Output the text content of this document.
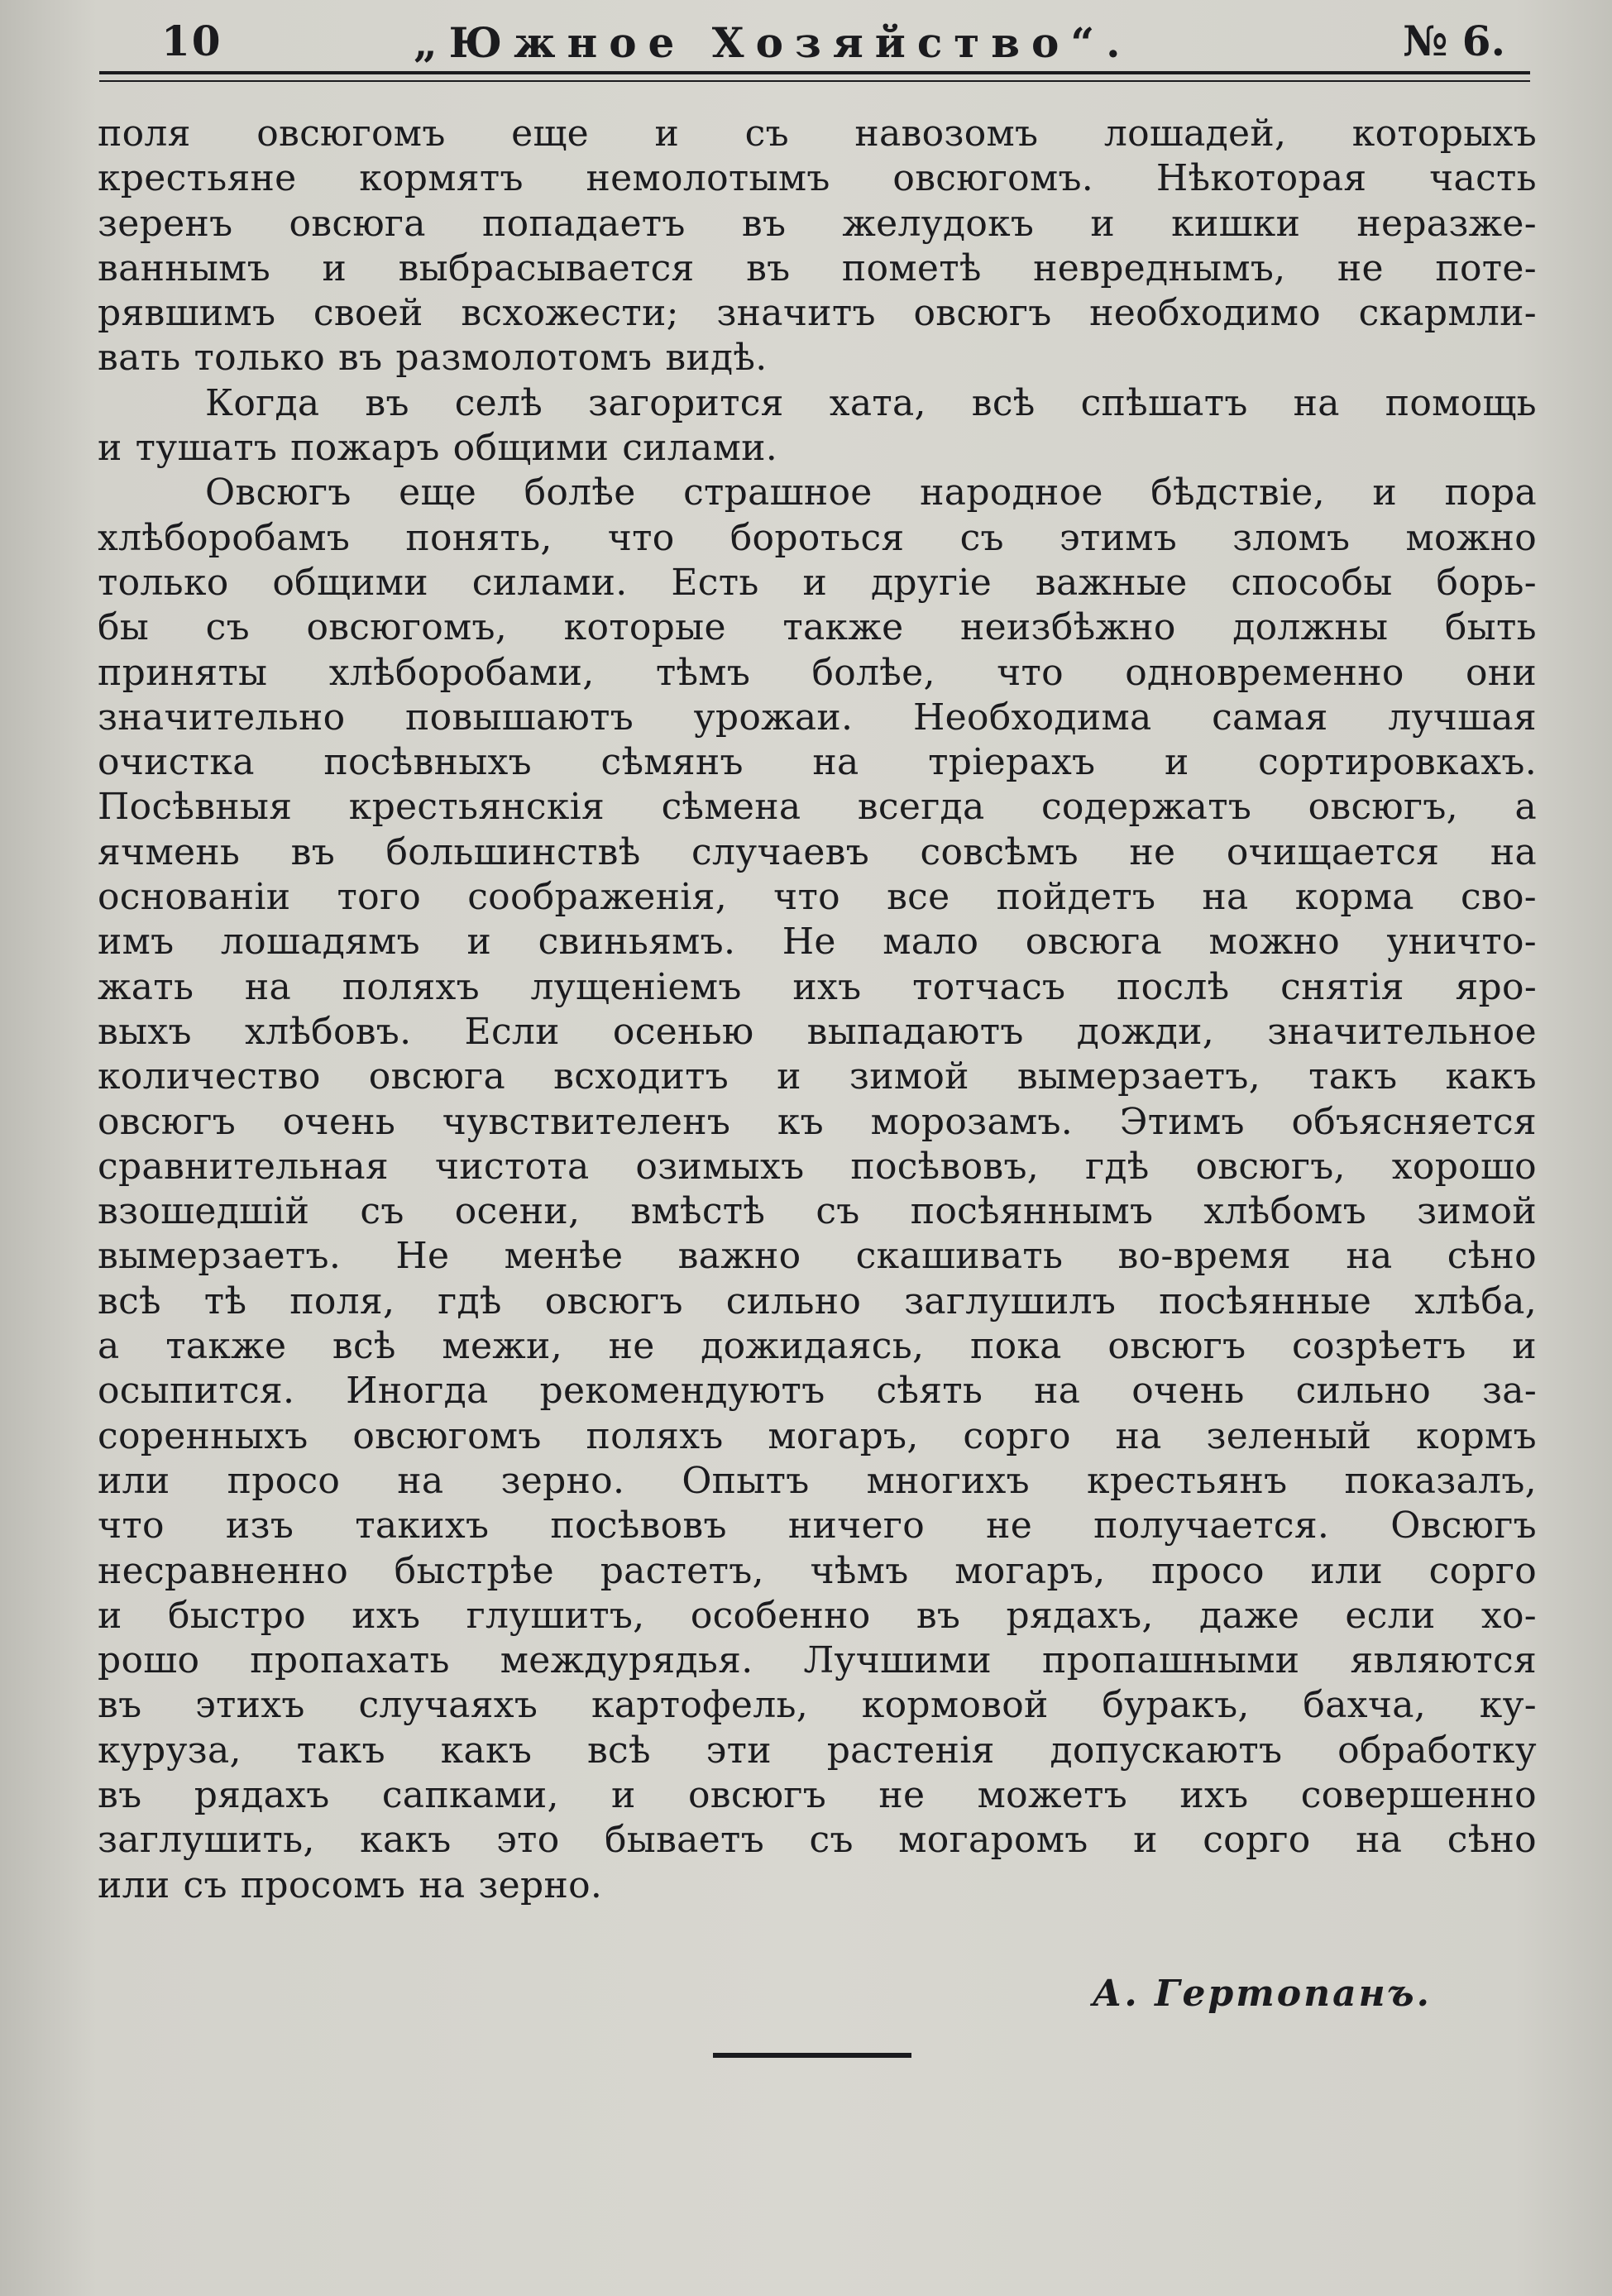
10	„Южное Хозяйство“.	№ 6.
поля овсюгомъ еще и съ навозомъ лошадей, которыхъ
крестьяне кормятъ немолотымъ овсюгомъ. Нѣкоторая часть
зеренъ овсюга попадаетъ въ желудокъ и кишки неразже-
ваннымъ и выбрасывается въ пометѣ невреднымъ, не поте-
рявшимъ своей всхожести; значитъ овсюгъ необходимо скармли-
вать только въ размолотомъ видѣ.
Когда въ селѣ загорится хата, всѣ спѣшатъ на помощь
и тушатъ пожаръ общими силами.
Овсюгъ еще болѣе страшное народное бѣдствіе, и пора
хлѣборобамъ понять, что бороться съ этимъ зломъ можно
только общими силами. Есть и другіе важные способы борь-
бы съ овсюгомъ, которые также неизбѣжно должны быть
приняты хлѣборобами, тѣмъ болѣе, что одновременно они
значительно повышаютъ урожаи. Необходима самая лучшая
очистка посѣвныхъ сѣмянъ на тріерахъ и сортировкахъ.
Посѣвныя крестьянскія сѣмена всегда содержатъ овсюгъ, а
ячмень въ большинствѣ случаевъ совсѣмъ не очищается на
основаніи того соображенія, что все пойдетъ на корма сво-
имъ лошадямъ и свиньямъ. Не мало овсюга можно уничто-
жать на поляхъ лущеніемъ ихъ тотчасъ послѣ снятія яро-
выхъ хлѣбовъ. Если осенью выпадаютъ дожди, значительное
количество овсюга всходитъ и зимой вымерзаетъ, такъ какъ
овсюгъ очень чувствителенъ къ морозамъ. Этимъ объясняется
сравнительная чистота озимыхъ посѣвовъ, гдѣ овсюгъ, хорошо
взошедшій съ осени, вмѣстѣ съ посѣяннымъ хлѣбомъ зимой
вымерзаетъ. Не менѣе важно скашивать во-время на сѣно
всѣ тѣ поля, гдѣ овсюгъ сильно заглушилъ посѣянные хлѣба,
а также всѣ межи, не дожидаясь, пока овсюгъ созрѣетъ и
осыпится. Иногда рекомендуютъ сѣять на очень сильно за-
соренныхъ овсюгомъ поляхъ могаръ, сорго на зеленый кормъ
или просо на зерно. Опытъ многихъ крестьянъ показалъ,
что изъ такихъ посѣвовъ ничего не получается. Овсюгъ
несравненно быстрѣе растетъ, чѣмъ могаръ, просо или сорго
и быстро ихъ глушитъ, особенно въ рядахъ, даже если хо-
рошо пропахать междурядья. Лучшими пропашными являются
въ этихъ случаяхъ картофель, кормовой буракъ, бахча, ку-
куруза, такъ какъ всѣ эти растенія допускаютъ обработку
въ рядахъ сапками, и овсюгъ не можетъ ихъ совершенно
заглушить, какъ это бываетъ съ могаромъ и сорго на сѣно
или съ просомъ на зерно.
А. Гертопанъ.
